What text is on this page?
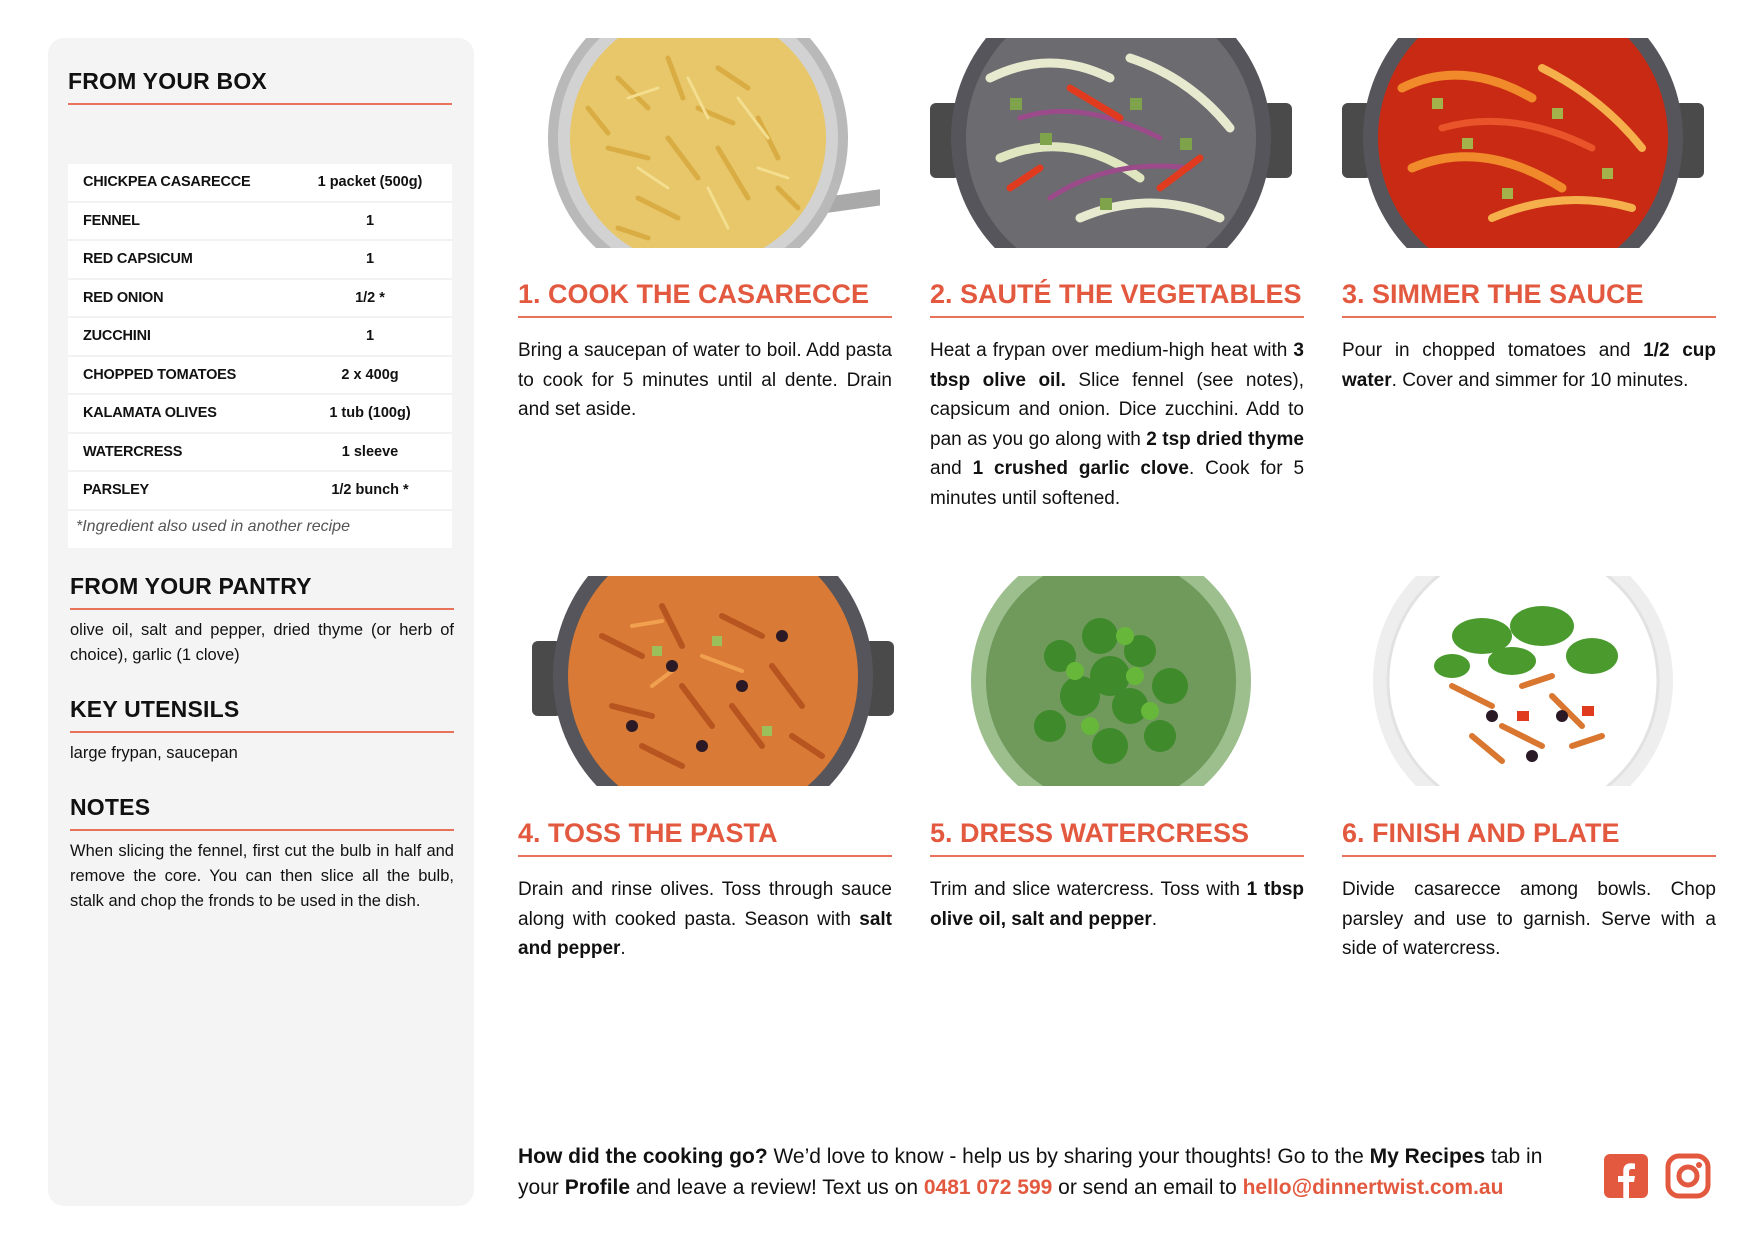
FROM YOUR BOX
CHICKPEA CASARECCE	1 packet (500g)
FENNEL	1
RED CAPSICUM	1
RED ONION	1/2 *
ZUCCHINI	1
CHOPPED TOMATOES	2 x 400g
KALAMATA OLIVES	1 tub (100g)
WATERCRESS	1 sleeve
PARSLEY	1/2 bunch *
*Ingredient also used in another recipe
FROM YOUR PANTRY
olive oil, salt and pepper, dried thyme (or herb of choice), garlic (1 clove)
KEY UTENSILS
large frypan, saucepan
NOTES
When slicing the fennel, first cut the bulb in half and remove the core. You can then slice all the bulb, stalk and chop the fronds to be used in the dish.
1. COOK THE CASARECCE	2. SAUTÉ THE VEGETABLES 3. SIMMER THE SAUCE
4. TOSS THE PASTA	5. DRESS WATERCRESS	6. FINISH AND PLATE
Bring a saucepan of water to boil. Add pasta to cook for 5 minutes until al dente. Drain and set aside.
Heat a frypan over medium-high heat with 3 tbsp olive oil. Slice fennel (see notes), capsicum and onion. Dice zucchini. Add to pan as you go along with 2 tsp dried thyme and 1 crushed garlic clove. Cook for 5 minutes until softened.
Pour in chopped tomatoes and 1/2 cup water. Cover and simmer for 10 minutes.
Drain and rinse olives. Toss through sauce along with cooked pasta. Season with salt and pepper.
Trim and slice watercress. Toss with 1 tbsp olive oil, salt and pepper.
Divide casarecce among bowls. Chop parsley and use to garnish. Serve with a side of watercress.
How did the cooking go? We’d love to know - help us by sharing your thoughts! Go to the My Recipes tab in your Profile and leave a review! Text us on 0481 072 599 or send an email to hello@dinnertwist.com.au
